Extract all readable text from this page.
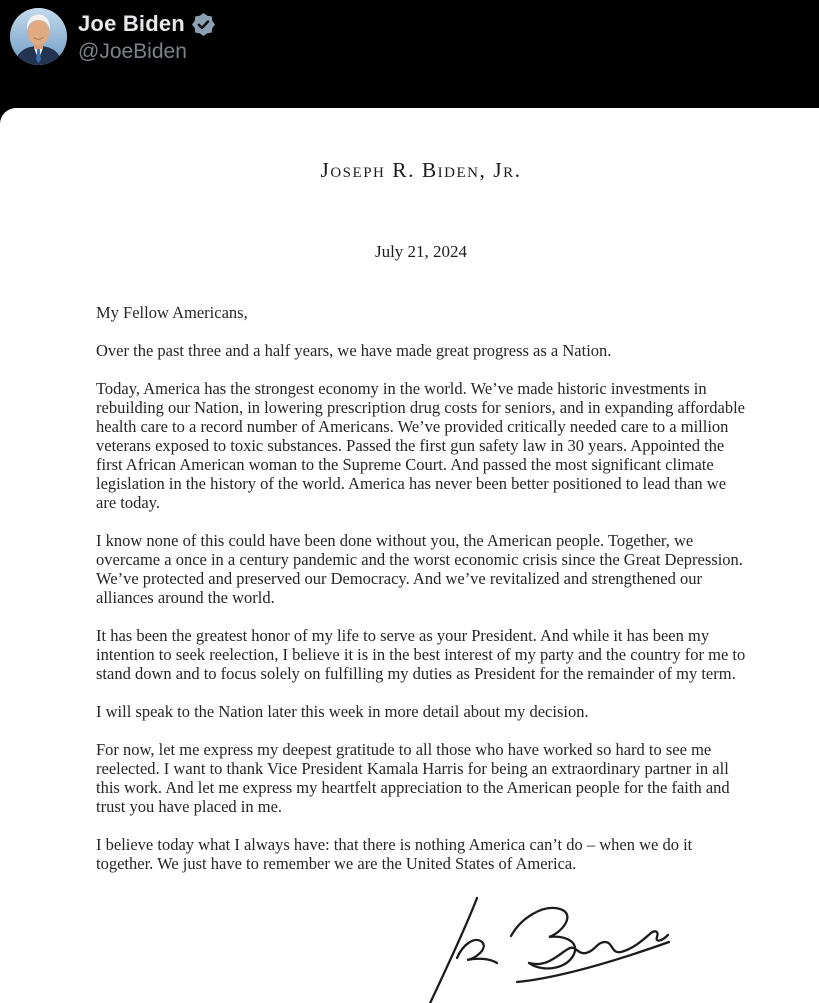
Joe Biden
@JoeBiden
Joseph R. Biden, Jr.
July 21, 2024

My Fellow Americans,

Over the past three and a half years, we have made great progress as a Nation.

Today, America has the strongest economy in the world. We’ve made historic investments in rebuilding our Nation, in lowering prescription drug costs for seniors, and in expanding affordable health care to a record number of Americans. We’ve provided critically needed care to a million veterans exposed to toxic substances. Passed the first gun safety law in 30 years. Appointed the first African American woman to the Supreme Court. And passed the most significant climate legislation in the history of the world. America has never been better positioned to lead than we are today.

I know none of this could have been done without you, the American people. Together, we overcame a once in a century pandemic and the worst economic crisis since the Great Depression. We’ve protected and preserved our Democracy. And we’ve revitalized and strengthened our alliances around the world.

It has been the greatest honor of my life to serve as your President. And while it has been my intention to seek reelection, I believe it is in the best interest of my party and the country for me to stand down and to focus solely on fulfilling my duties as President for the remainder of my term.

I will speak to the Nation later this week in more detail about my decision.

For now, let me express my deepest gratitude to all those who have worked so hard to see me reelected. I want to thank Vice President Kamala Harris for being an extraordinary partner in all this work. And let me express my heartfelt appreciation to the American people for the faith and trust you have placed in me.

I believe today what I always have: that there is nothing America can’t do – when we do it together. We just have to remember we are the United States of America.
